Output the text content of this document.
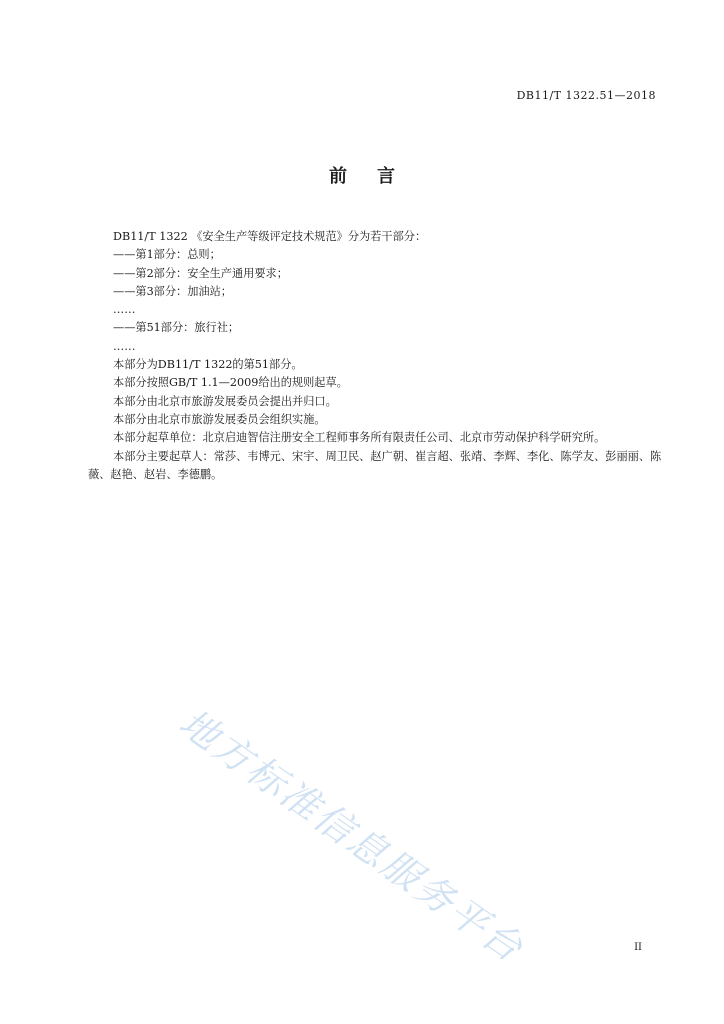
DB11/T 1322.51—2018
前 言

DB11/T 1322 《安全生产等级评定技术规范》分为若干部分：

——第1部分：总则；

——第2部分：安全生产通用要求；

——第3部分：加油站；

……

——第51部分：旅行社；

……

本部分为DB11/T 1322的第51部分。

本部分按照GB/T 1.1—2009给出的规则起草。

本部分由北京市旅游发展委员会提出并归口。

本部分由北京市旅游发展委员会组织实施。

本部分起草单位：北京启迪智信注册安全工程师事务所有限责任公司、北京市劳动保护科学研究所。

本部分主要起草人：常莎、韦博元、宋宇、周卫民、赵广朝、崔言超、张靖、李辉、李化、陈学友、彭丽丽、陈薇、赵艳、赵岩、李德鹏。

地方标准信息服务平台	II
